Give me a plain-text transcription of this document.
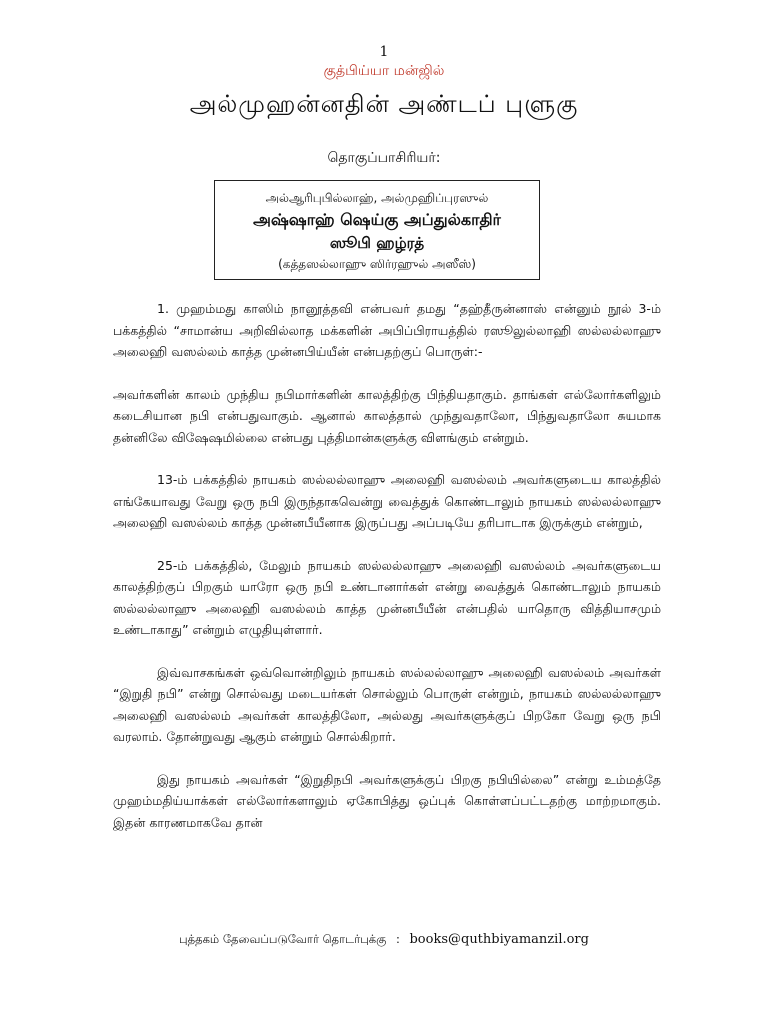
1
குத்பிய்யா மன்ஜில்
அல்முஹன்னதின் அண்டப் புளுகு
தொகுப்பாசிரியர்:
அல்ஆரிபுபில்லாஹ், அல்முஹிப்புரஸுல்
அஷ்ஷாஹ் ஷெய்கு அப்துல்காதிர்
ஸூபி ஹழ்ரத்
(கத்தஸல்லாஹு ஸிர்ரஹுல் அஸீஸ்)

1. முஹம்மது காஸிம் நானூத்தவி என்பவர் தமது “தஹ்தீருன்னாஸ் என்னும் நூல் 3-ம் பக்கத்தில் “சாமான்ய அறிவில்லாத மக்களின் அபிப்பிராயத்தில் ரஸூலுல்லாஹி ஸல்லல்லாஹு அலைஹி வஸல்லம் காத்த முன்னபிய்யீன் என்பதற்குப் பொருள்:-

அவர்களின் காலம் முந்திய நபிமார்களின் காலத்திற்கு பிந்தியதாகும். தாங்கள் எல்லோர்களிலும் கடைசியான நபி என்பதுவாகும். ஆனால் காலத்தால் முந்துவதாலோ, பிந்துவதாலோ சுயமாக தன்னிலே விஷேஷமில்லை என்பது புத்திமான்களுக்கு விளங்கும் என்றும்.

13-ம் பக்கத்தில் நாயகம் ஸல்லல்லாஹு அலைஹி வஸல்லம் அவர்களுடைய காலத்தில் எங்கேயாவது வேறு ஒரு நபி இருந்தாகவென்று வைத்துக் கொண்டாலும் நாயகம் ஸல்லல்லாஹு அலைஹி வஸல்லம் காத்த முன்னபீயீனாக இருப்பது அப்படியே தரிபாடாக இருக்கும் என்றும்,

25-ம் பக்கத்தில், மேலும் நாயகம் ஸல்லல்லாஹு அலைஹி வஸல்லம் அவர்களுடைய காலத்திற்குப் பிறகும் யாரோ ஒரு நபி உண்டானார்கள் என்று வைத்துக் கொண்டாலும் நாயகம் ஸல்லல்லாஹு அலைஹி வஸல்லம் காத்த முன்னபீயீன் என்பதில் யாதொரு வித்தியாசமும் உண்டாகாது” என்றும் எழுதியுள்ளார்.

இவ்வாசகங்கள் ஒவ்வொன்றிலும் நாயகம் ஸல்லல்லாஹு அலைஹி வஸல்லம் அவர்கள் “இறுதி நபி” என்று சொல்வது மடையர்கள் சொல்லும் பொருள் என்றும், நாயகம் ஸல்லல்லாஹு அலைஹி வஸல்லம் அவர்கள் காலத்திலோ, அல்லது அவர்களுக்குப் பிறகோ வேறு ஒரு நபி வரலாம். தோன்றுவது ஆகும் என்றும் சொல்கிறார்.

இது நாயகம் அவர்கள் “இறுதிநபி அவர்களுக்குப் பிறகு நபியில்லை” என்று உம்மத்தே முஹம்மதிய்யாக்கள் எல்லோர்களாலும் ஏகோபித்து ஒப்புக் கொள்ளப்பட்டதற்கு மாற்றமாகும். இதன் காரணமாகவே தான்

புத்தகம் தேவைப்படுவோர் தொடர்புக்கு : books@quthbiyamanzil.org
